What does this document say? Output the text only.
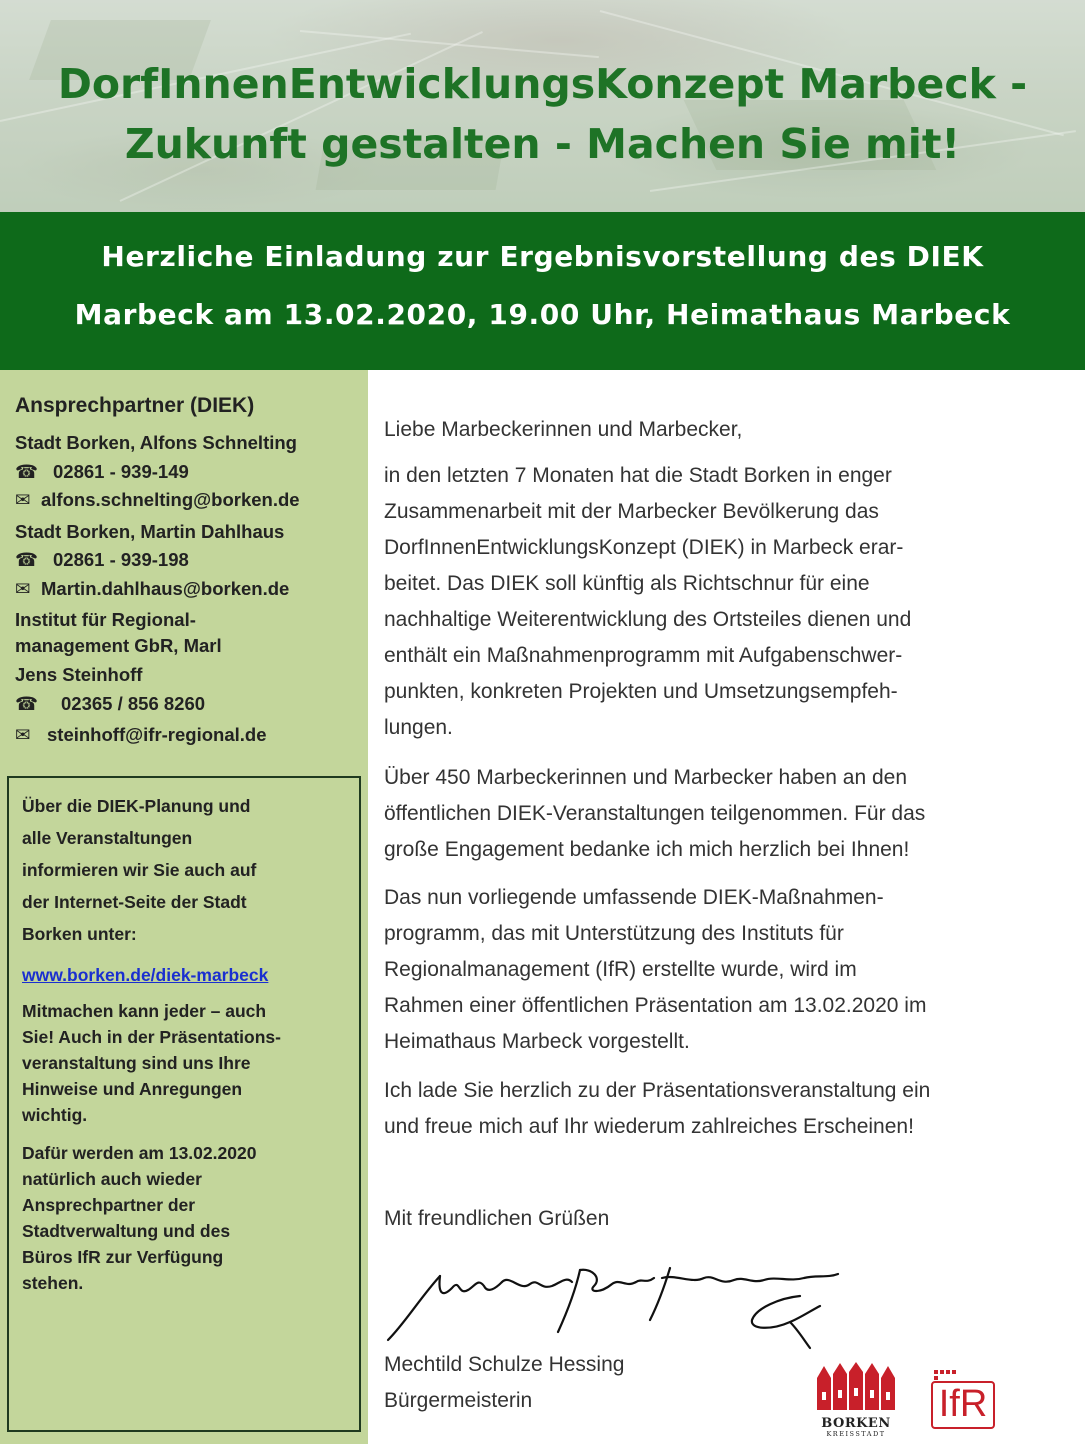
DorfInnenEntwicklungsKonzept Marbeck -
Zukunft gestalten - Machen Sie mit!
Herzliche Einladung zur Ergebnisvorstellung des DIEK
Marbeck am 13.02.2020, 19.00 Uhr, Heimathaus Marbeck
Ansprechpartner (DIEK)
Stadt Borken, Alfons Schnelting
☎ 02861 - 939-149
✉ alfons.schnelting@borken.de
Stadt Borken, Martin Dahlhaus
☎ 02861 - 939-198
✉ Martin.dahlhaus@borken.de
Institut für Regional-
management GbR, Marl
Jens Steinhoff
☎ 02365 / 856 8260
✉ steinhoff@ifr-regional.de
Über die DIEK-Planung und
alle Veranstaltungen
informieren wir Sie auch auf
der Internet-Seite der Stadt
Borken unter:
www.borken.de/diek-marbeck
Mitmachen kann jeder – auch
Sie! Auch in der Präsentations-
veranstaltung sind uns Ihre
Hinweise und Anregungen
wichtig.
Dafür werden am 13.02.2020
natürlich auch wieder
Ansprechpartner der
Stadtverwaltung und des
Büros IfR zur Verfügung
stehen.
Liebe Marbeckerinnen und Marbecker,
in den letzten 7 Monaten hat die Stadt Borken in enger
Zusammenarbeit mit der Marbecker Bevölkerung das
DorfInnenEntwicklungsKonzept (DIEK) in Marbeck erar-
beitet. Das DIEK soll künftig als Richtschnur für eine
nachhaltige Weiterentwicklung des Ortsteiles dienen und
enthält ein Maßnahmenprogramm mit Aufgabenschwer-
punkten, konkreten Projekten und Umsetzungsempfeh-
lungen.
Über 450 Marbeckerinnen und Marbecker haben an den
öffentlichen DIEK-Veranstaltungen teilgenommen. Für das
große Engagement bedanke ich mich herzlich bei Ihnen!
Das nun vorliegende umfassende DIEK-Maßnahmen-
programm, das mit Unterstützung des Instituts für
Regionalmanagement (IfR) erstellte wurde, wird im
Rahmen einer öffentlichen Präsentation am 13.02.2020 im
Heimathaus Marbeck vorgestellt.
Ich lade Sie herzlich zu der Präsentationsveranstaltung ein
und freue mich auf Ihr wiederum zahlreiches Erscheinen!
Mit freundlichen Grüßen
Mechtild Schulze Hessing
Bürgermeisterin
BORKEN
KREISSTADT
IfR
